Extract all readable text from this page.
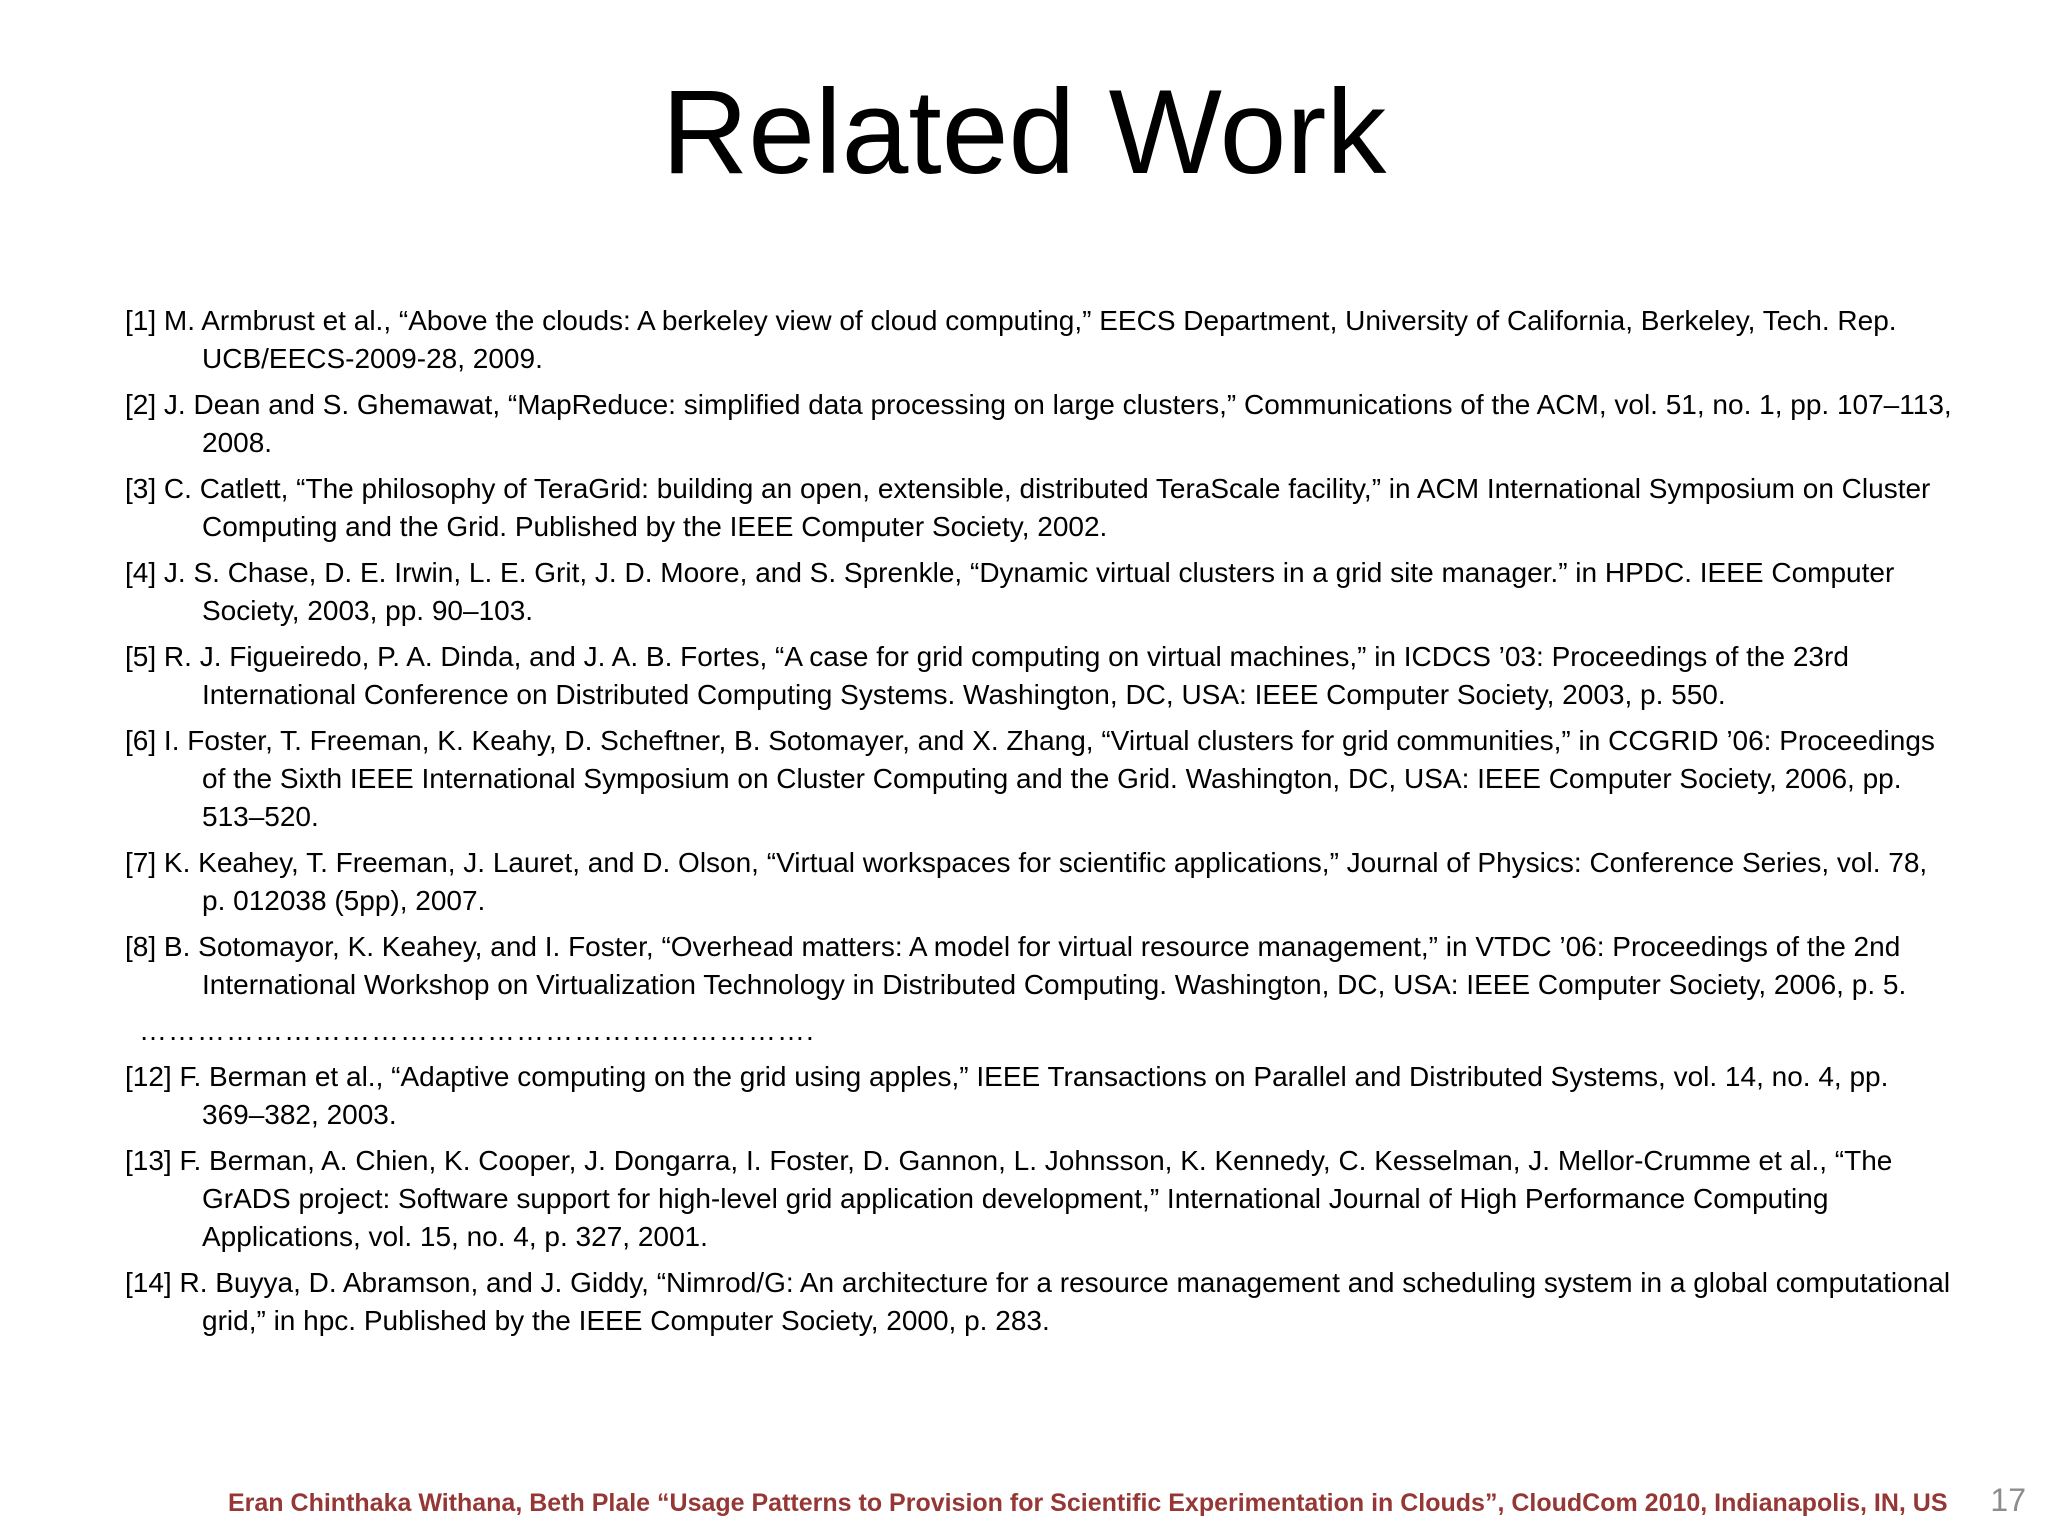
Related Work
[1] M. Armbrust et al., “Above the clouds: A berkeley view of cloud computing,” EECS Department, University of California, Berkeley, Tech. Rep. UCB/EECS-2009-28, 2009.
[2] J. Dean and S. Ghemawat, “MapReduce: simplified data processing on large clusters,” Communications of the ACM, vol. 51, no. 1, pp. 107–113, 2008.
[3] C. Catlett, “The philosophy of TeraGrid: building an open, extensible, distributed TeraScale facility,” in ACM International Symposium on Cluster Computing and the Grid. Published by the IEEE Computer Society, 2002.
[4] J. S. Chase, D. E. Irwin, L. E. Grit, J. D. Moore, and S. Sprenkle, “Dynamic virtual clusters in a grid site manager.” in HPDC. IEEE Computer Society, 2003, pp. 90–103.
[5] R. J. Figueiredo, P. A. Dinda, and J. A. B. Fortes, “A case for grid computing on virtual machines,” in ICDCS ’03: Proceedings of the 23rd International Conference on Distributed Computing Systems. Washington, DC, USA: IEEE Computer Society, 2003, p. 550.
[6] I. Foster, T. Freeman, K. Keahy, D. Scheftner, B. Sotomayer, and X. Zhang, “Virtual clusters for grid communities,” in CCGRID ’06: Proceedings of the Sixth IEEE International Symposium on Cluster Computing and the Grid. Washington, DC, USA: IEEE Computer Society, 2006, pp. 513–520.
[7] K. Keahey, T. Freeman, J. Lauret, and D. Olson, “Virtual workspaces for scientific applications,” Journal of Physics: Conference Series, vol. 78, p. 012038 (5pp), 2007.
[8] B. Sotomayor, K. Keahey, and I. Foster, “Overhead matters: A model for virtual resource management,” in VTDC ’06: Proceedings of the 2nd International Workshop on Virtualization Technology in Distributed Computing. Washington, DC, USA: IEEE Computer Society, 2006, p. 5.
…………………………………………………………….
[12] F. Berman et al., “Adaptive computing on the grid using apples,” IEEE Transactions on Parallel and Distributed Systems, vol. 14, no. 4, pp. 369–382, 2003.
[13] F. Berman, A. Chien, K. Cooper, J. Dongarra, I. Foster, D. Gannon, L. Johnsson, K. Kennedy, C. Kesselman, J. Mellor-Crumme et al., “The GrADS project: Software support for high-level grid application development,” International Journal of High Performance Computing Applications, vol. 15, no. 4, p. 327, 2001.
[14] R. Buyya, D. Abramson, and J. Giddy, “Nimrod/G: An architecture for a resource management and scheduling system in a global computational grid,” in hpc. Published by the IEEE Computer Society, 2000, p. 283.
Eran Chinthaka Withana, Beth Plale “Usage Patterns to Provision for Scientific Experimentation in Clouds”, CloudCom 2010, Indianapolis, IN, US 17
